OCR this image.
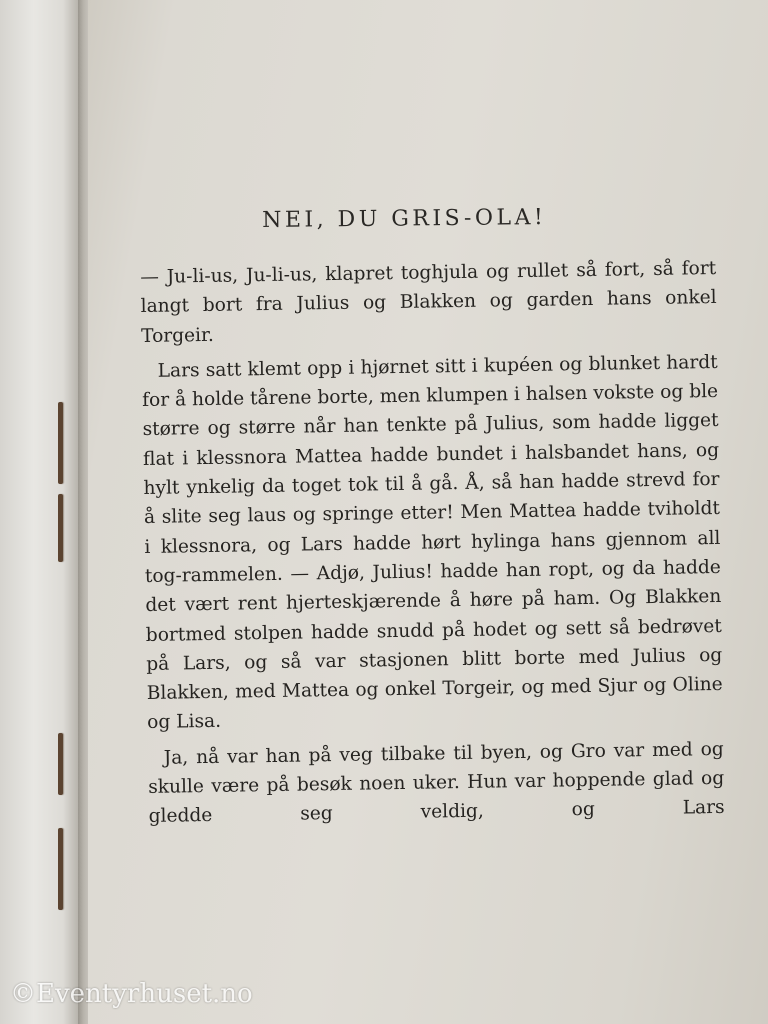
NEI, DU GRIS-OLA!

— Ju-li-us, Ju-li-us, klapret toghjula og rullet så fort, så fort langt bort fra Julius og Blakken og garden hans onkel Torgeir.

Lars satt klemt opp i hjørnet sitt i kupéen og blunket hardt for å holde tårene borte, men klumpen i halsen vokste og ble større og større når han tenkte på Julius, som hadde ligget flat i klessnora Mattea hadde bundet i halsbandet hans, og hylt ynkelig da toget tok til å gå. Å, så han hadde strevd for å slite seg laus og springe etter! Men Mattea hadde tviholdt i klessnora, og Lars hadde hørt hylinga hans gjennom all tog-rammelen. — Adjø, Julius! hadde han ropt, og da hadde det vært rent hjerteskjærende å høre på ham. Og Blakken bortmed stolpen hadde snudd på hodet og sett så bedrøvet på Lars, og så var stasjonen blitt borte med Julius og Blakken, med Mattea og onkel Torgeir, og med Sjur og Oline og Lisa.

Ja, nå var han på veg tilbake til byen, og Gro var med og skulle være på besøk noen uker. Hun var hoppende glad og gledde seg veldig, og Lars

©Eventyrhuset.no
